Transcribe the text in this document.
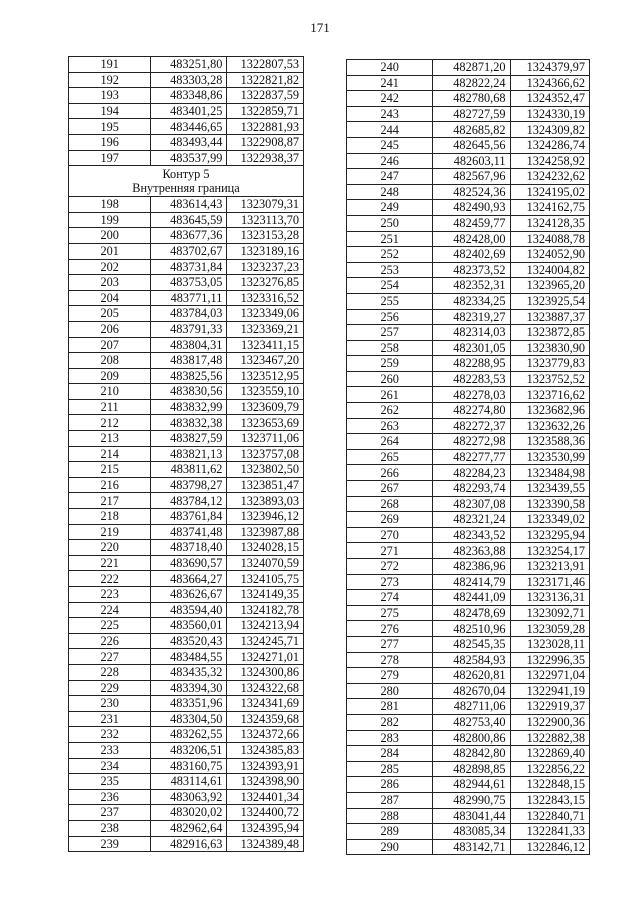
171
191	483251,80	1322807,53
192	483303,28	1322821,82
193	483348,86	1322837,59
194	483401,25	1322859,71
195	483446,65	1322881,93
196	483493,44	1322908,87
197	483537,99	1322938,37

Контур 5
Внутренняя граница		

198	483614,43	1323079,31
199	483645,59	1323113,70
200	483677,36	1323153,28
201	483702,67	1323189,16
202	483731,84	1323237,23
203	483753,05	1323276,85
204	483771,11	1323316,52
205	483784,03	1323349,06
206	483791,33	1323369,21
207	483804,31	1323411,15
208	483817,48	1323467,20
209	483825,56	1323512,95
210	483830,56	1323559,10
211	483832,99	1323609,79
212	483832,38	1323653,69
213	483827,59	1323711,06
214	483821,13	1323757,08
215	483811,62	1323802,50
216	483798,27	1323851,47
217	483784,12	1323893,03
218	483761,84	1323946,12
219	483741,48	1323987,88
220	483718,40	1324028,15
221	483690,57	1324070,59
222	483664,27	1324105,75
223	483626,67	1324149,35
224	483594,40	1324182,78
225	483560,01	1324213,94
226	483520,43	1324245,71
227	483484,55	1324271,01
228	483435,32	1324300,86
229	483394,30	1324322,68
230	483351,96	1324341,69
231	483304,50	1324359,68
232	483262,55	1324372,66
233	483206,51	1324385,83
234	483160,75	1324393,91
235	483114,61	1324398,90
236	483063,92	1324401,34
237	483020,02	1324400,72
238	482962,64	1324395,94
239	482916,63	1324389,48
240	482871,20	1324379,97
241	482822,24	1324366,62
242	482780,68	1324352,47
243	482727,59	1324330,19
244	482685,82	1324309,82
245	482645,56	1324286,74
246	482603,11	1324258,92
247	482567,96	1324232,62
248	482524,36	1324195,02
249	482490,93	1324162,75
250	482459,77	1324128,35
251	482428,00	1324088,78
252	482402,69	1324052,90
253	482373,52	1324004,82
254	482352,31	1323965,20
255	482334,25	1323925,54
256	482319,27	1323887,37
257	482314,03	1323872,85
258	482301,05	1323830,90
259	482288,95	1323779,83
260	482283,53	1323752,52
261	482278,03	1323716,62
262	482274,80	1323682,96
263	482272,37	1323632,26
264	482272,98	1323588,36
265	482277,77	1323530,99
266	482284,23	1323484,98
267	482293,74	1323439,55
268	482307,08	1323390,58
269	482321,24	1323349,02
270	482343,52	1323295,94
271	482363,88	1323254,17
272	482386,96	1323213,91
273	482414,79	1323171,46
274	482441,09	1323136,31
275	482478,69	1323092,71
276	482510,96	1323059,28
277	482545,35	1323028,11
278	482584,93	1322996,35
279	482620,81	1322971,04
280	482670,04	1322941,19
281	482711,06	1322919,37
282	482753,40	1322900,36
283	482800,86	1322882,38
284	482842,80	1322869,40
285	482898,85	1322856,22
286	482944,61	1322848,15
287	482990,75	1322843,15
288	483041,44	1322840,71
289	483085,34	1322841,33
290	483142,71	1322846,12
